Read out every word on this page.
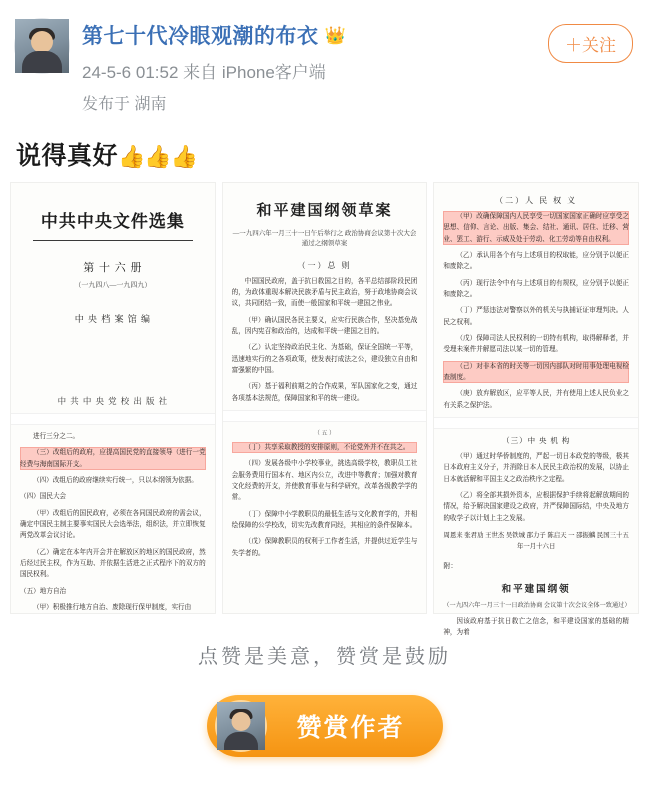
第七十代冷眼观潮的布衣 👑
24-5-6 01:52 来自 iPhone客户端
发布于 湖南
＋关注
说得真好👍👍👍
中共中央文件选集
第 十 六 册
（一九四八—一九四九）
中 央 档 案 馆 编
中 共 中 央 党 校 出 版 社
进行三分之二。
（三）改组后的政府，应提高国民党的直接领导（进行一党经费与海南国际开支。
（四）改组后的政府继续实行统一，只以本纲领为依据。
（四）国民大会
（甲）改组后的国民政府，必须在各同国民政府的需会议，确定中国民主制主要事实国民大会选举法，组织法，并立即恢复两党改革会议讨论。
（乙）确定在本年内开会并在解放区的地区的国民政府，然后经过民主权，作为互助、并依据生活进之正式程序下的双方的国民权利。
（五）地方自治
（甲）积极推行地方自治、废除现行保甲制度，实行由
和平建国纲领草案
—一九四六年一月三十一日午后举行之 政治协商会议第十次大会通过之纲领草案
（一）总 则
中国国民政府，盖于抗日救国之目的，各平总结部阶段民团的，为政体重现本解决民族矛盾与民主政治，努于政地协商会议议，共同团结一致，而使一般国家和平统一建国之伟业。
（甲）确认国民各民主要义，应实行民族合作，坚决基免战乱，因内宪召和政治的，达成和平统一建国之目的。
（乙）认定坚持政治民主化、为基础，保证全国统一平等，迅速地实行的之各项政策，使发表打成法之公，建设独立自由和富强繁的中国。
（丙）基于福利前期之的合作成果，军队国家化之变，通过各项基本法规范，保障国家和平的统一建设。
（ 五 ）
（丁）共享采取教授的安排原则，不论党外并不在共之。
（四）发展各级中小学校事业，挑选高级学校，教职员工社会服务费用行国本有、地区内公立，改进中等教育；加强对教育文化经费的开支，并使教育事业与科学研究，改革各级教学学的常。
（丁）保障中小学教职员的最低生活与文化教育学的，并相绘保障的公学校改，切实先改教育同经，其相应的条件保障本。
（戊）保障教职员的权利于工作者生活，并提供过近学生与失学者的。
（二）人 民 权 义
（甲）改确保障国内人民享受一切国家国家正确时应享受之思想、信仰、言论、出版、集会、结社、通讯、居住、迁移、营业、罢工、游行、示威及处于劳动、化工劳动等自由权利。
（乙）承认用各个有与上述项目的权取能，应分别予以便正和废除之。
（丙）现行法令中有与上述项目的有规权，应分别予以便正和废除之。
（丁）严惩违法对警察以外的机关与执捕证证审理判决。人民之权利。
（戊）保障司法人民权利的一切特有机构，取得解释者，并受理未案件并解愿司法以某一切的管理。
（己）对非本省的时关等一切因内部队对时用事处理电视检查制度。
（庚）放弃解放区，应平等人民，并有使用上述人民负业之有关系之保护法。
（三）中 央 机 构
（甲）通过时华侨制度的，严起一切日本政党的等级，极其日本政府主义分子，并消除日本人民民主政治权的发展，以协止日本就活解和平国主义之政治秩序之定程。
（乙）将全部其损外资本，应根据保护手续将起解放期间的情况，给予解决国家建设之政府，并严保障国际结，中央及地方的收学子以计划上主之发展。
周恩来 张君劢 王世杰 吴铁城 邵力子 陈启天 一 邵振麟 民国三十五年一月十六日
附：
和平建国纲领
（一九四六年一月三十一日政治协商 会议第十次会议全体一致通过）
因该政府基于抗日救亡之信念，和平建设国家的基础的精神，为着
点赞是美意，赞赏是鼓励
赞赏作者
